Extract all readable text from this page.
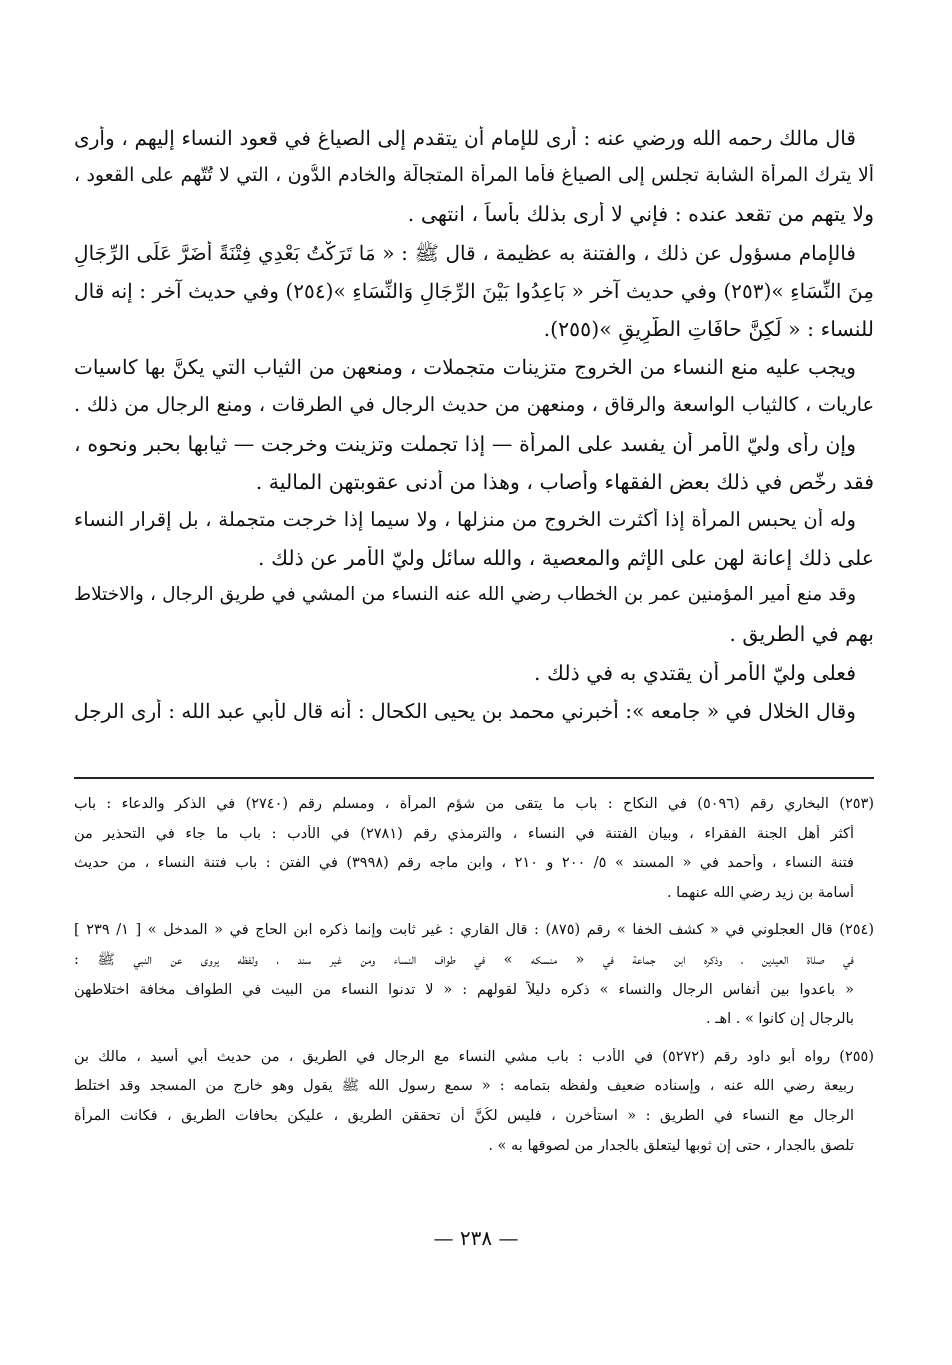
قال مالك رحمه الله ورضي عنه : أرى للإمام أن يتقدم إلى الصياغ في قعود النساء إليهم ، وأرى
ألا يترك المرأة الشابة تجلس إلى الصياغ فأما المرأة المتجالّة والخادم الدُّون ، التي لا تُتّهم على القعود ،
ولا يتهم من تقعد عنده : فإني لا أرى بذلك بأساً ، انتهى .
فالإمام مسؤول عن ذلك ، والفتنة به عظيمة ، قال ﷺ : « مَا تَرَكْتُ بَعْدِي فِتْنَةً أَضَرَّ عَلَى الرِّجَالِ
مِنَ النِّسَاءِ »(٢٥٣) وفي حديث آخر « بَاعِدُوا بَيْنَ الرِّجَالِ وَالنِّسَاءِ »(٢٥٤) وفي حديث آخر : إنه قال
للنساء : « لَكِنَّ حافَاتِ الطَّرِيقِ »(٢٥٥).
ويجب عليه منع النساء من الخروج متزينات متجملات ، ومنعهن من الثياب التي يكنَّ بها كاسيات
عاريات ، كالثياب الواسعة والرقاق ، ومنعهن من حديث الرجال في الطرقات ، ومنع الرجال من ذلك .
وإن رأى وليّ الأمر أن يفسد على المرأة — إذا تجملت وتزينت وخرجت — ثيابها بحبر ونحوه ،
فقد رخّص في ذلك بعض الفقهاء وأصاب ، وهذا من أدنى عقوبتهن المالية .
وله أن يحبس المرأة إذا أكثرت الخروج من منزلها ، ولا سيما إذا خرجت متجملة ، بل إقرار النساء
على ذلك إعانة لهن على الإثم والمعصية ، والله سائل وليّ الأمر عن ذلك .
وقد منع أمير المؤمنين عمر بن الخطاب رضي الله عنه النساء من المشي في طريق الرجال ، والاختلاط
بهم في الطريق .
فعلى وليّ الأمر أن يقتدي به في ذلك .
وقال الخلال في « جامعه »: أخبرني محمد بن يحيى الكحال : أنه قال لأبي عبد الله : أرى الرجل
(٢٥٣) البخاري رقم (٥٠٩٦) في النكاح : باب ما يتقى من شؤم المرأة ، ومسلم رقم (٢٧٤٠) في الذكر والدعاء : باب
أكثر أهل الجنة الفقراء ، وبيان الفتنة في النساء ، والترمذي رقم (٢٧٨١) في الأدب : باب ما جاء في التحذير من
فتنة النساء ، وأحمد في « المسند » ٥/ ٢٠٠ و ٢١٠ ، وابن ماجه رقم (٣٩٩٨) في الفتن : باب فتنة النساء ، من حديث
أسامة بن زيد رضي الله عنهما .
(٢٥٤) قال العجلوني في « كشف الخفا » رقم (٨٧٥) : قال القاري : غير ثابت وإنما ذكره ابن الحاج في « المدخل » [ ١/ ٢٣٩ ]
في صلاة العيدين ، وذكره ابن جماعة في « منسكه » في طواف النساء ومن غير سند ، ولفظه يروى عن النبي ﷺ :
« باعدوا بين أنفاس الرجال والنساء » ذكره دليلاً لقولهم : « لا تدنوا النساء من البيت في الطواف مخافة اختلاطهن
بالرجال إن كانوا » . اهـ .
(٢٥٥) رواه أبو داود رقم (٥٢٧٢) في الأدب : باب مشي النساء مع الرجال في الطريق ، من حديث أبي أسيد ، مالك بن
ربيعة رضي الله عنه ، وإسناده ضعيف ولفظه بتمامه : « سمع رسول الله ﷺ يقول وهو خارج من المسجد وقد اختلط
الرجال مع النساء في الطريق : « استأخرن ، فليس لكُنَّ أن تحققن الطريق ، عليكن بحافات الطريق ، فكانت المرأة
تلصق بالجدار ، حتى إن ثوبها ليتعلق بالجدار من لصوقها به » .
— ٢٣٨ —
